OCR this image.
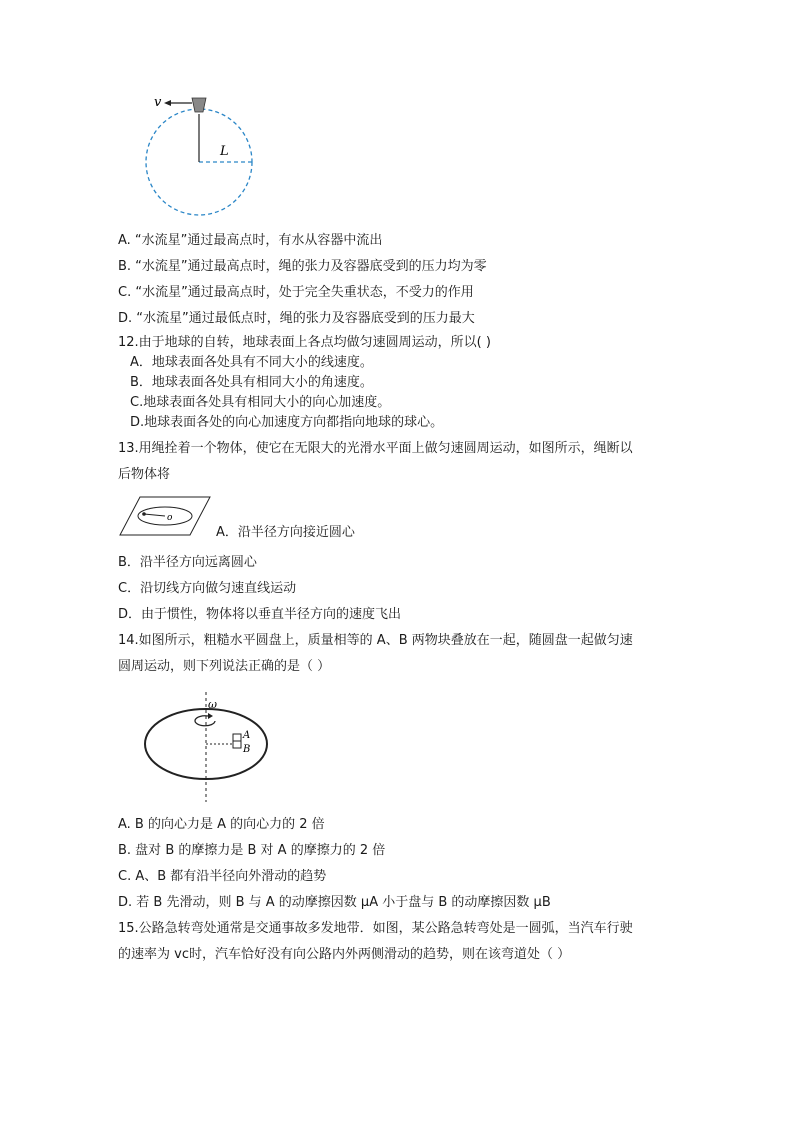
v
L
A. “水流星”通过最高点时，有水从容器中流出
B. “水流星”通过最高点时，绳的张力及容器底受到的压力均为零
C. “水流星”通过最高点时，处于完全失重状态，不受力的作用
D. “水流星”通过最低点时，绳的张力及容器底受到的压力最大
12.由于地球的自转，地球表面上各点均做匀速圆周运动，所以( )
A．地球表面各处具有不同大小的线速度。
B．地球表面各处具有相同大小的角速度。
C.地球表面各处具有相同大小的向心加速度。
D.地球表面各处的向心加速度方向都指向地球的球心。
13.用绳拴着一个物体，使它在无限大的光滑水平面上做匀速圆周运动，如图所示，绳断以
后物体将
o
A．沿半径方向接近圆心
B．沿半径方向远离圆心
C．沿切线方向做匀速直线运动
D．由于惯性，物体将以垂直半径方向的速度飞出
14.如图所示，粗糙水平圆盘上，质量相等的 A、B 两物块叠放在一起，随圆盘一起做匀速
圆周运动，则下列说法正确的是（ ）
ω
A
B
A. B 的向心力是 A 的向心力的 2 倍
B. 盘对 B 的摩擦力是 B 对 A 的摩擦力的 2 倍
C. A、B 都有沿半径向外滑动的趋势
D. 若 B 先滑动，则 B 与 A 的动摩擦因数 μA 小于盘与 B 的动摩擦因数 μB
15.公路急转弯处通常是交通事故多发地带．如图，某公路急转弯处是一圆弧，当汽车行驶
的速率为 vc时，汽车恰好没有向公路内外两侧滑动的趋势，则在该弯道处（ ）
